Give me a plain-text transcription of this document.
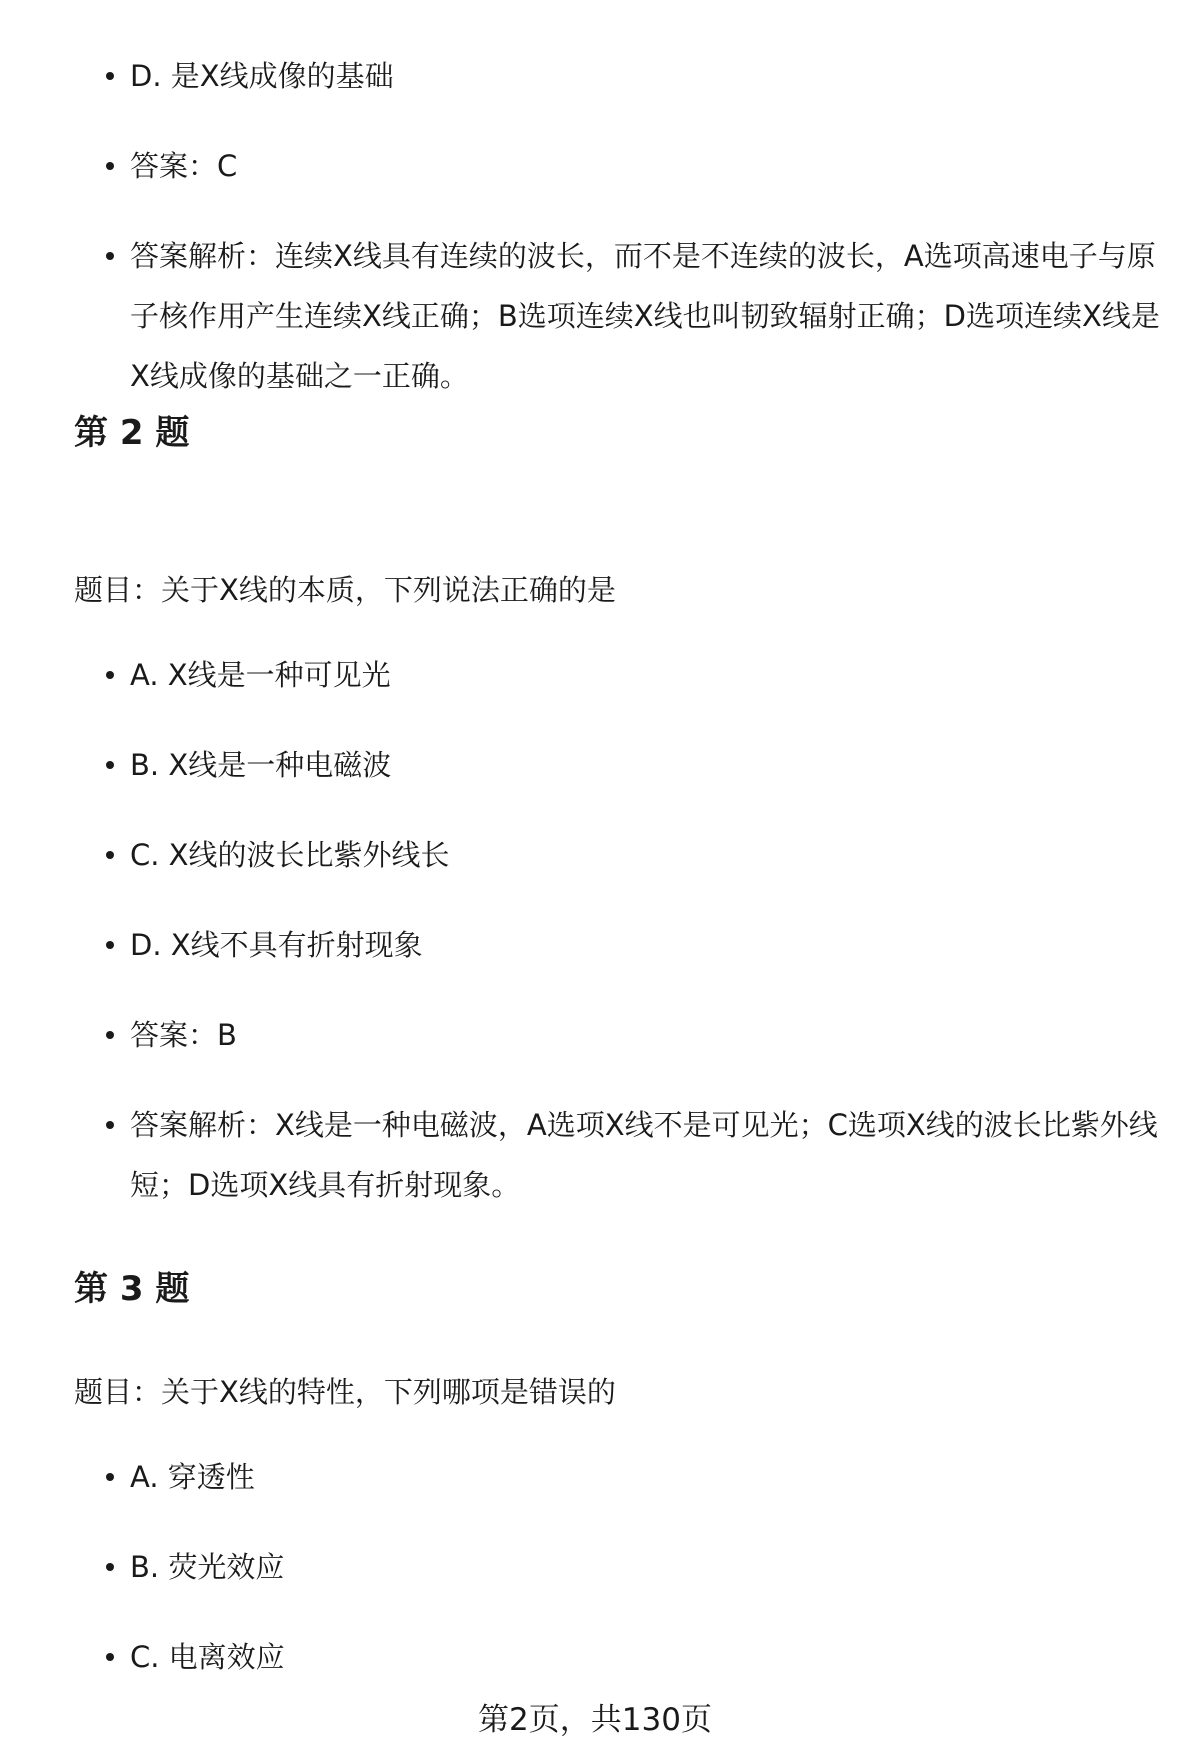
D. 是X线成像的基础
答案：C
答案解析：连续X线具有连续的波长，而不是不连续的波长，A选项高速电子与原子核作用产生连续X线正确；B选项连续X线也叫韧致辐射正确；D选项连续X线是X线成像的基础之一正确。
第 2 题

题目：关于X线的本质，下列说法正确的是

A. X线是一种可见光
B. X线是一种电磁波
C. X线的波长比紫外线长
D. X线不具有折射现象
答案：B
答案解析：X线是一种电磁波，A选项X线不是可见光；C选项X线的波长比紫外线短；D选项X线具有折射现象。
第 3 题

题目：关于X线的特性，下列哪项是错误的

A. 穿透性
B. 荧光效应
C. 电离效应
第2页，共130页
